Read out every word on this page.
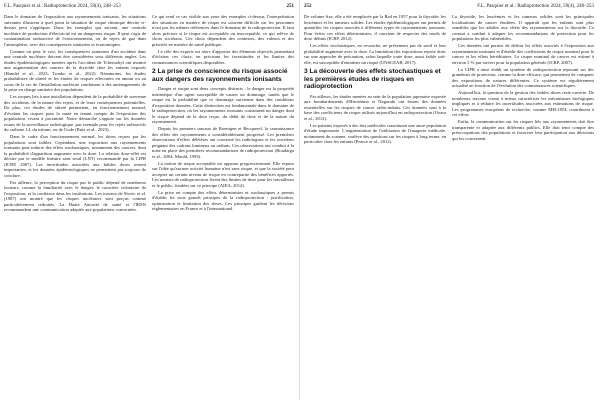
F.L. Pasquier et al.: Radioprotection 2024, 59(4), 248–253	251

Dans le domaine de l'exposition aux rayonnements ionisants, les situations suivantes illustrent à quel point la situation de risque chimique décrite ci-dessus peut s'appliquer. Dans les exemples qui suivent, une centrale nucléaire de production d'électricité est un dangereux risque. Il peut s'agir de contamination radioactive de l'environnement, ou de rejets de gaz dans l'atmosphère, avec des conséquences sanitaires et économiques.

Comme on peut le voir, les conséquences sanitaires d'un accident dans une centrale nucléaire doivent être considérées sous différents angles. Les études épidémiologiques menées après l'accident de Tchernobyl ont montré une augmentation des cancers de la thyroïde chez les enfants exposés (Hamlet et al., 2023; Tronko et al., 2022). Néanmoins, les études probabilistes de sûreté et les études de risques effectuées en amont ou au cours de la vie de l'installation nucléaire conduisent à des aménagements de la prise en charge sanitaire des populations.

Les risques liés à une installation dépendent de la probabilité de survenue des accidents, de la nature des rejets, et de leurs conséquences potentielles. De plus, ces études de sûreté permettent, en fonctionnement normal, d'évaluer les risques pour la santé en tenant compte de l'exposition des populations vivant à proximité. Notre démarche s'appuie sur les données issues de la surveillance radiologique, par exemple pour les rejets radioactifs du carbone 14, du tritium, ou de l'iode (Ruiz et al., 2023).

Dans le cadre d'un fonctionnement normal, les doses reçues par les populations sont faibles. Cependant, une exposition aux rayonnements ionisants peut induire des effets stochastiques, notamment des cancers, dont la probabilité d'apparition augmente avec la dose. La relation dose-effet est décrite par le modèle linéaire sans seuil (LNT) recommandé par la CIPR (ICRP, 2007). Les incertitudes associées aux faibles doses restent importantes, et les données épidémiologiques ne permettent pas toujours de conclure.

Par ailleurs, la perception du risque par le public dépend de nombreux facteurs, comme la familiarité avec le danger, le caractère volontaire de l'exposition, et la confiance dans les institutions. Les travaux de Slovic et al. (1987) ont montré que les risques nucléaires sont perçus comme particulièrement redoutés. La Haute Autorité de santé et l'IRSN recommandent une communication adaptée aux populations concernées.

Ce qui rend ce cas visible aux yeux des exemples ci-dessus, l'interprétation des situations en matière de risque est souvent difficile car les personnes n'ont pas les mêmes références dans le domaine de la radioprotection. Il faut alors préciser si le risque est acceptable ou inacceptable, ce qui relève de choix sociétaux. Ces choix dépendent des contextes, des valeurs et des priorités en matière de santé publique.

Le rôle des experts est alors d'apporter des éléments objectifs permettant d'éclairer ces choix, en précisant les incertitudes et les limites des connaissances scientifiques disponibles.

2 La prise de conscience du risque associé aux dangers des rayonnements ionisants

Danger et risque sont deux concepts distincts : le danger est la propriété intrinsèque d'un agent susceptible de causer un dommage, tandis que le risque est la probabilité que ce dommage survienne dans des conditions d'exposition données. Cette distinction est fondamentale dans le domaine de la radioprotection, où les rayonnements ionisants constituent un danger dont le risque dépend de la dose reçue, du débit de dose et de la nature du rayonnement.

Depuis les premiers travaux de Roentgen et Becquerel, la connaissance des effets des rayonnements a considérablement progressé. Les premières observations d'effets délétères ont concerné les radiologues et les ouvrières peignant des cadrans lumineux au radium. Ces observations ont conduit à la mise en place des premières recommandations de radioprotection (Boudarga et al., 2004; Mould, 1993).

La notion de risque acceptable est apparue progressivement. Elle repose sur l'idée qu'aucune activité humaine n'est sans risque, et que la société peut accepter un certain niveau de risque en contrepartie des bénéfices apportés. Les normes de radioprotection fixent des limites de dose pour les travailleurs et le public, fondées sur ce principe (AIEA, 2014).

La prise en compte des effets déterministes et stochastiques a permis d'établir les trois grands principes de la radioprotection : justification, optimisation et limitation des doses. Ces principes guident les décisions réglementaires en France et à l'international.

252	F.L. Pasquier et al.: Radioprotection 2024, 59(4), 248–253

De volume fixe, elle a été remplacée par la Rad en 1957 pour la thyroïde, les leucémies et les tumeurs solides. Les études épidémiologiques ont permis de quantifier les risques associés à différents types de rayonnements ionisants. Pour éviter ces effets déterministes, il convient de respecter des seuils de dose définis (ICRP, 2012).

Les effets stochastiques, en revanche, ne présentent pas de seuil et leur probabilité augmente avec la dose. La limitation des expositions repose donc sur une approche de précaution, selon laquelle toute dose, aussi faible soit-elle, est susceptible d'entraîner un risque (UNSCEAR, 2017).

3 La découverte des effets stochastiques et les premières études de risques en radioprotection

Par ailleurs, les études menées au sein de la population japonaise exposée aux bombardements d'Hiroshima et Nagasaki ont fourni des données essentielles sur les risques de cancer radio-induits. Ces données sont à la base des coefficients de risque utilisés aujourd'hui en radioprotection (Ozasa et al., 2012).

Les patients exposés à des fins médicales constituent une autre population d'étude importante. L'augmentation de l'utilisation de l'imagerie médicale, notamment du scanner, soulève des questions sur les risques à long terme, en particulier chez les enfants (Pearce et al., 2012).

La thyroïde, les leucémies et les tumeurs solides sont les principales localisations de cancer étudiées. Il apparaît que les enfants sont plus sensibles que les adultes aux effets des rayonnements sur la thyroïde. Ce constat a conduit à adapter les recommandations de protection pour les populations les plus vulnérables.

Ces données ont permis de définir les effets associés à l'exposition aux rayonnements ionisants et d'établir des coefficients de risque nominal pour le cancer et les effets héréditaires. Le risque nominal de cancer est estimé à environ 5 % par sievert pour la population générale (ICRP, 2007).

La CIPR a ainsi établi un système de radioprotection reposant sur des grandeurs de protection, comme la dose efficace, qui permettent de comparer des expositions de natures différentes. Ce système est régulièrement actualisé en fonction de l'évolution des connaissances scientifiques.

Aujourd'hui, la question de la gestion des faibles doses reste ouverte. De nombreux travaux visent à mieux caractériser les mécanismes biologiques impliqués et à réduire les incertitudes associées aux estimations de risque. Les programmes européens de recherche, comme MELODI, contribuent à cet effort.

Enfin, la communication sur les risques liés aux rayonnements doit être transparente et adaptée aux différents publics. Elle doit tenir compte des préoccupations des populations et favoriser leur participation aux décisions qui les concernent.
